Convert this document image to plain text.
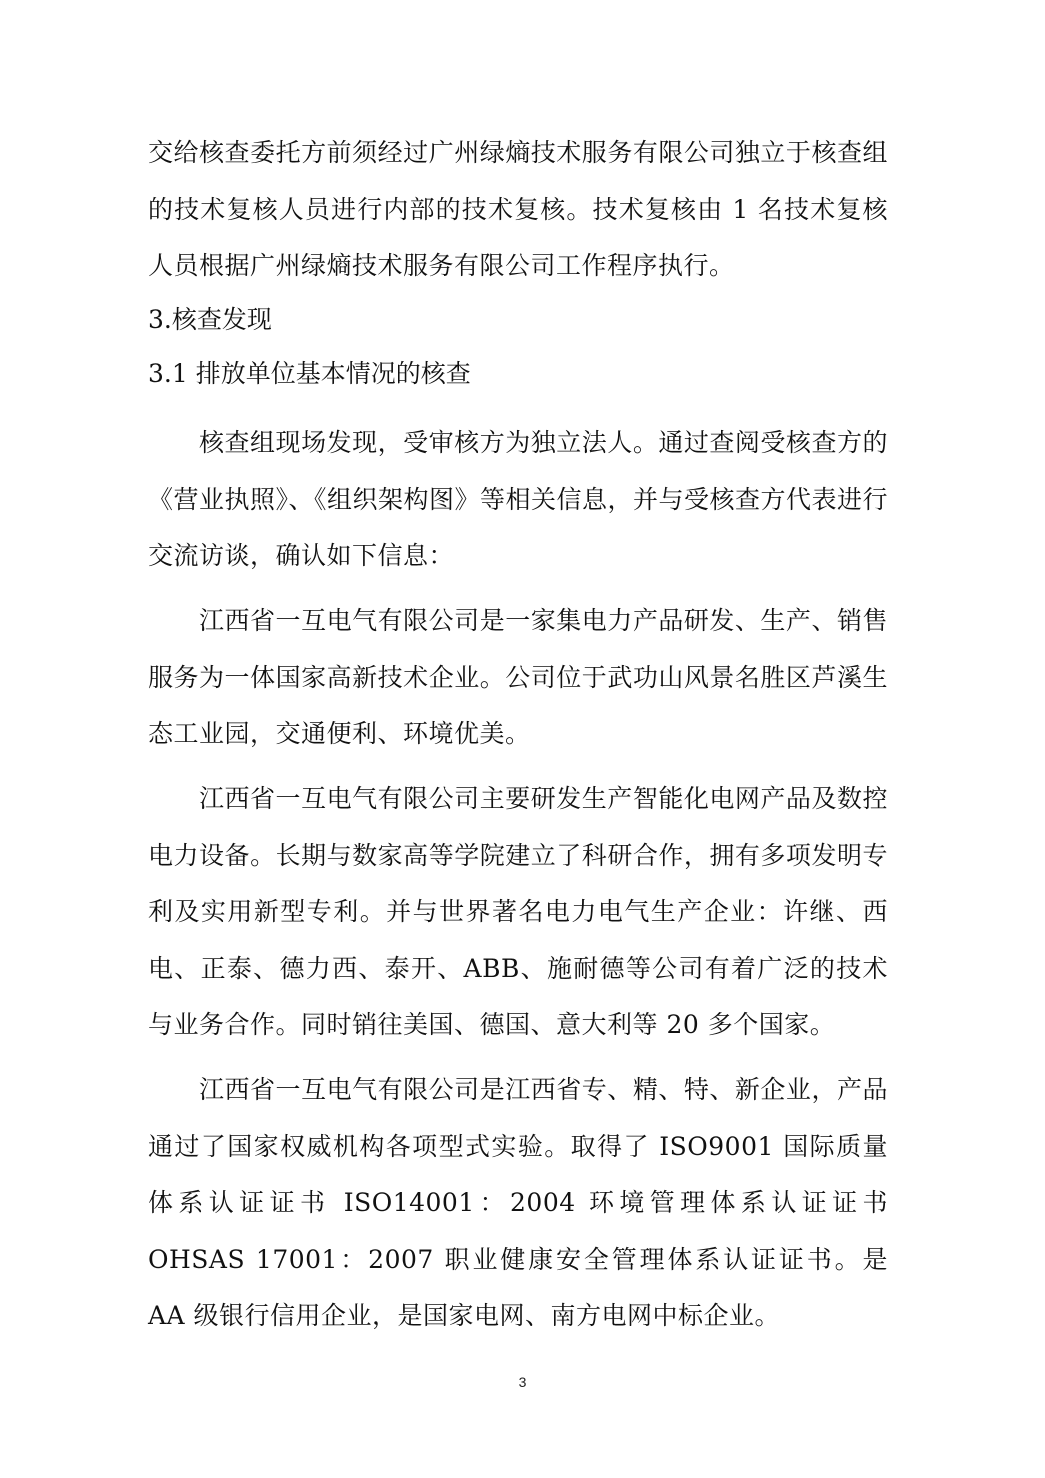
交给核查委托方前须经过广州绿熵技术服务有限公司独立于核查组的技术复核人员进行内部的技术复核。技术复核由 1 名技术复核人员根据广州绿熵技术服务有限公司工作程序执行。

3.核查发现
3.1 排放单位基本情况的核查

核查组现场发现，受审核方为独立法人。通过查阅受核查方的《营业执照》、《组织架构图》等相关信息，并与受核查方代表进行交流访谈，确认如下信息：

江西省一互电气有限公司是一家集电力产品研发、生产、销售服务为一体国家高新技术企业。公司位于武功山风景名胜区芦溪生态工业园，交通便利、环境优美。

江西省一互电气有限公司主要研发生产智能化电网产品及数控电力设备。长期与数家高等学院建立了科研合作，拥有多项发明专利及实用新型专利。并与世界著名电力电气生产企业：许继、西电、正泰、德力西、泰开、ABB、施耐德等公司有着广泛的技术与业务合作。同时销往美国、德国、意大利等 20 多个国家。

江西省一互电气有限公司是江西省专、精、特、新企业，产品通过了国家权威机构各项型式实验。取得了 ISO9001 国际质量体系认证证书 ISO14001：2004 环境管理体系认证证书 OHSAS 17001：2007 职业健康安全管理体系认证证书。是 AA 级银行信用企业，是国家电网、南方电网中标企业。

3
